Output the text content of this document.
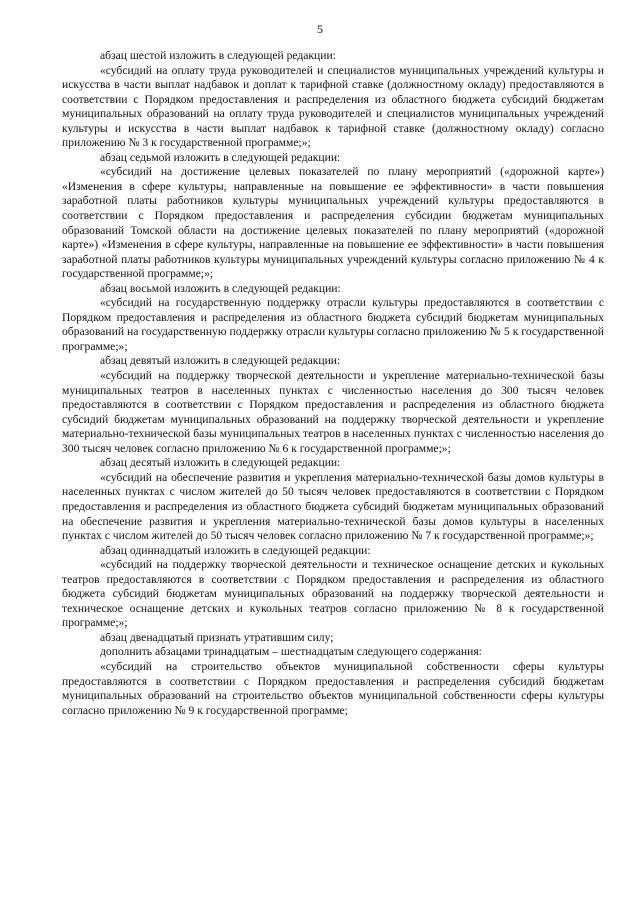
5

абзац шестой изложить в следующей редакции:

«субсидий на оплату труда руководителей и специалистов муниципальных учреждений культуры и искусства в части выплат надбавок и доплат к тарифной ставке (должностному окладу) предоставляются в соответствии с Порядком предоставления и распределения из областного бюджета субсидий бюджетам муниципальных образований на оплату труда руководителей и специалистов муниципальных учреждений культуры и искусства в части выплат надбавок к тарифной ставке (должностному окладу) согласно приложению № 3 к государственной программе;»;

абзац седьмой изложить в следующей редакции:

«субсидий на достижение целевых показателей по плану мероприятий («дорожной карте») «Изменения в сфере культуры, направленные на повышение ее эффективности» в части повышения заработной платы работников культуры муниципальных учреждений культуры предоставляются в соответствии с Порядком предоставления и распределения субсидии бюджетам муниципальных образований Томской области на достижение целевых показателей по плану мероприятий («дорожной карте») «Изменения в сфере культуры, направленные на повышение ее эффективности» в части повышения заработной платы работников культуры муниципальных учреждений культуры согласно приложению № 4 к государственной программе;»;

абзац восьмой изложить в следующей редакции:

«субсидий на государственную поддержку отрасли культуры предоставляются в соответствии с Порядком предоставления и распределения из областного бюджета субсидий бюджетам муниципальных образований на государственную поддержку отрасли культуры согласно приложению № 5 к государственной программе;»;

абзац девятый изложить в следующей редакции:

«субсидий на поддержку творческой деятельности и укрепление материально-технической базы муниципальных театров в населенных пунктах с численностью населения до 300 тысяч человек предоставляются в соответствии с Порядком предоставления и распределения из областного бюджета субсидий бюджетам муниципальных образований на поддержку творческой деятельности и укрепление материально-технической базы муниципальных театров в населенных пунктах с численностью населения до 300 тысяч человек согласно приложению № 6 к государственной программе;»;

абзац десятый изложить в следующей редакции:

«субсидий на обеспечение развития и укрепления материально-технической базы домов культуры в населенных пунктах с числом жителей до 50 тысяч человек предоставляются в соответствии с Порядком предоставления и распределения из областного бюджета субсидий бюджетам муниципальных образований на обеспечение развития и укрепления материально-технической базы домов культуры в населенных пунктах с числом жителей до 50 тысяч человек согласно приложению № 7 к государственной программе;»;

абзац одиннадцатый изложить в следующей редакции:

«субсидий на поддержку творческой деятельности и техническое оснащение детских и кукольных театров предоставляются в соответствии с Порядком предоставления и распределения из областного бюджета субсидий бюджетам муниципальных образований на поддержку творческой деятельности и техническое оснащение детских и кукольных театров согласно приложению № 8 к государственной программе;»;

абзац двенадцатый признать утратившим силу;

дополнить абзацами тринадцатым – шестнадцатым следующего содержания:

«субсидий на строительство объектов муниципальной собственности сферы культуры предоставляются в соответствии с Порядком предоставления и распределения субсидий бюджетам муниципальных образований на строительство объектов муниципальной собственности сферы культуры согласно приложению № 9 к государственной программе;
